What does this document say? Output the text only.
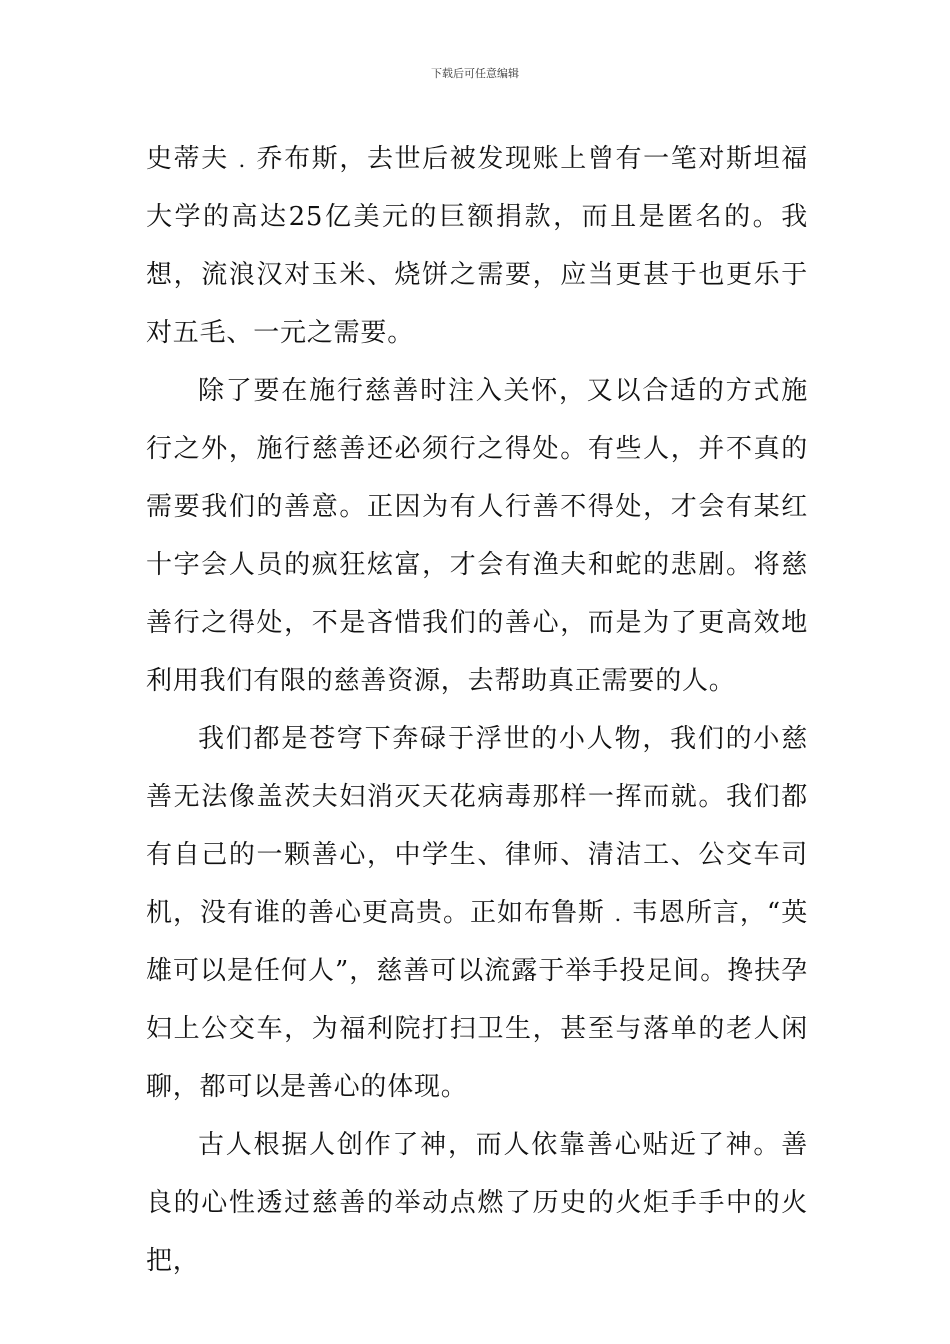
下载后可任意编辑

史蒂夫﹒乔布斯，去世后被发现账上曾有一笔对斯坦福大学的高达25亿美元的巨额捐款，而且是匿名的。我想，流浪汉对玉米、烧饼之需要，应当更甚于也更乐于对五毛、一元之需要。

除了要在施行慈善时注入关怀，又以合适的方式施行之外，施行慈善还必须行之得处。有些人，并不真的需要我们的善意。正因为有人行善不得处，才会有某红十字会人员的疯狂炫富，才会有渔夫和蛇的悲剧。将慈善行之得处，不是吝惜我们的善心，而是为了更高效地利用我们有限的慈善资源，去帮助真正需要的人。

我们都是苍穹下奔碌于浮世的小人物，我们的小慈善无法像盖茨夫妇消灭天花病毒那样一挥而就。我们都有自己的一颗善心，中学生、律师、清洁工、公交车司机，没有谁的善心更高贵。正如布鲁斯﹒韦恩所言，“英雄可以是任何人”，慈善可以流露于举手投足间。搀扶孕妇上公交车，为福利院打扫卫生，甚至与落单的老人闲聊，都可以是善心的体现。

古人根据人创作了神，而人依靠善心贴近了神。善良的心性透过慈善的举动点燃了历史的火炬手手中的火把，
